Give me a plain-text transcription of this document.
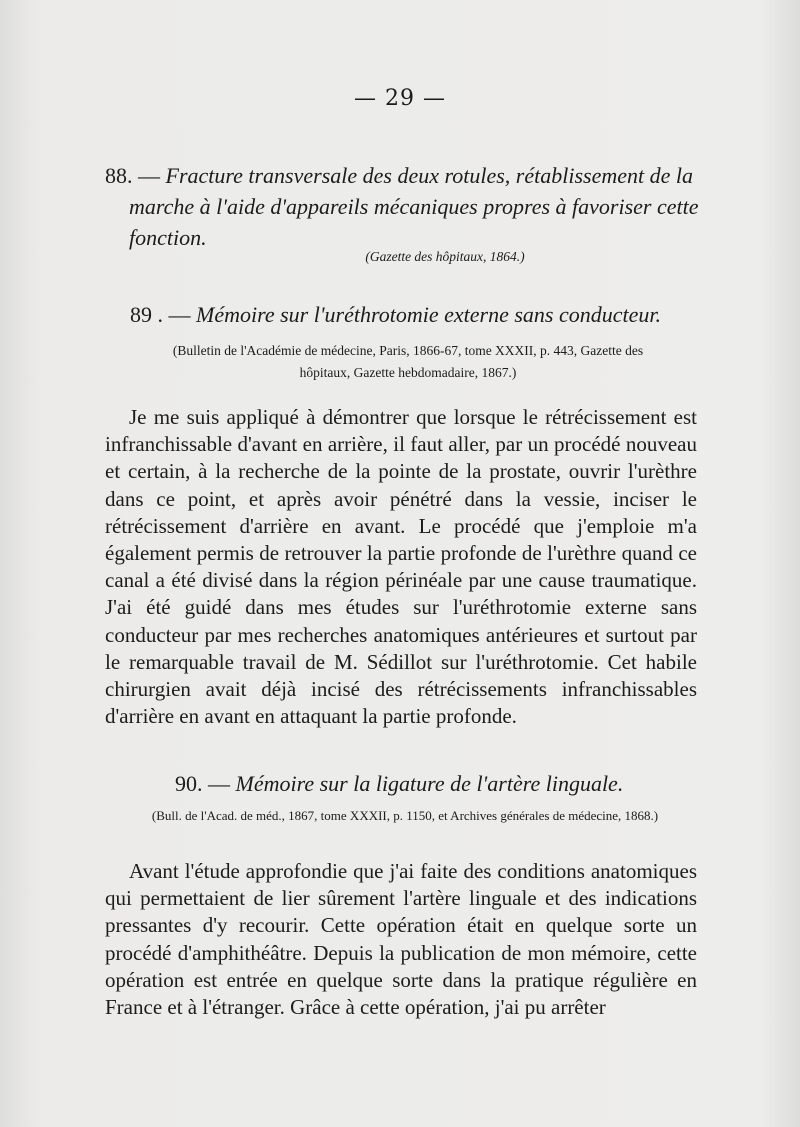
— 29 —
88. — Fracture transversale des deux rotules, rétablissement de la
marche à l'aide d'appareils mécaniques propres à favoriser cette
fonction.
(Gazette des hôpitaux, 1864.)
89 . — Mémoire sur l'uréthrotomie externe sans conducteur.
(Bulletin de l'Académie de médecine, Paris, 1866-67, tome XXXII, p. 443, Gazette des
hôpitaux, Gazette hebdomadaire, 1867.)

Je me suis appliqué à démontrer que lorsque le rétrécissement est infranchissable d'avant en arrière, il faut aller, par un procédé nouveau et certain, à la recherche de la pointe de la prostate, ouvrir l'urèthre dans ce point, et après avoir pénétré dans la vessie, inciser le rétrécissement d'arrière en avant. Le procédé que j'emploie m'a également permis de retrouver la partie profonde de l'urèthre quand ce canal a été divisé dans la région périnéale par une cause traumatique. J'ai été guidé dans mes études sur l'uréthrotomie externe sans conducteur par mes recherches anatomiques antérieures et surtout par le remarquable travail de M. Sédillot sur l'uréthrotomie. Cet habile chirurgien avait déjà incisé des rétrécissements infranchissables d'arrière en avant en attaquant la partie profonde.

90. — Mémoire sur la ligature de l'artère linguale.
(Bull. de l'Acad. de méd., 1867, tome XXXII, p. 1150, et Archives générales de médecine, 1868.)

Avant l'étude approfondie que j'ai faite des conditions anatomiques qui permettaient de lier sûrement l'artère linguale et des indications pressantes d'y recourir. Cette opération était en quelque sorte un procédé d'amphithéâtre. Depuis la publication de mon mémoire, cette opération est entrée en quelque sorte dans la pratique régulière en France et à l'étranger. Grâce à cette opération, j'ai pu arrêter
